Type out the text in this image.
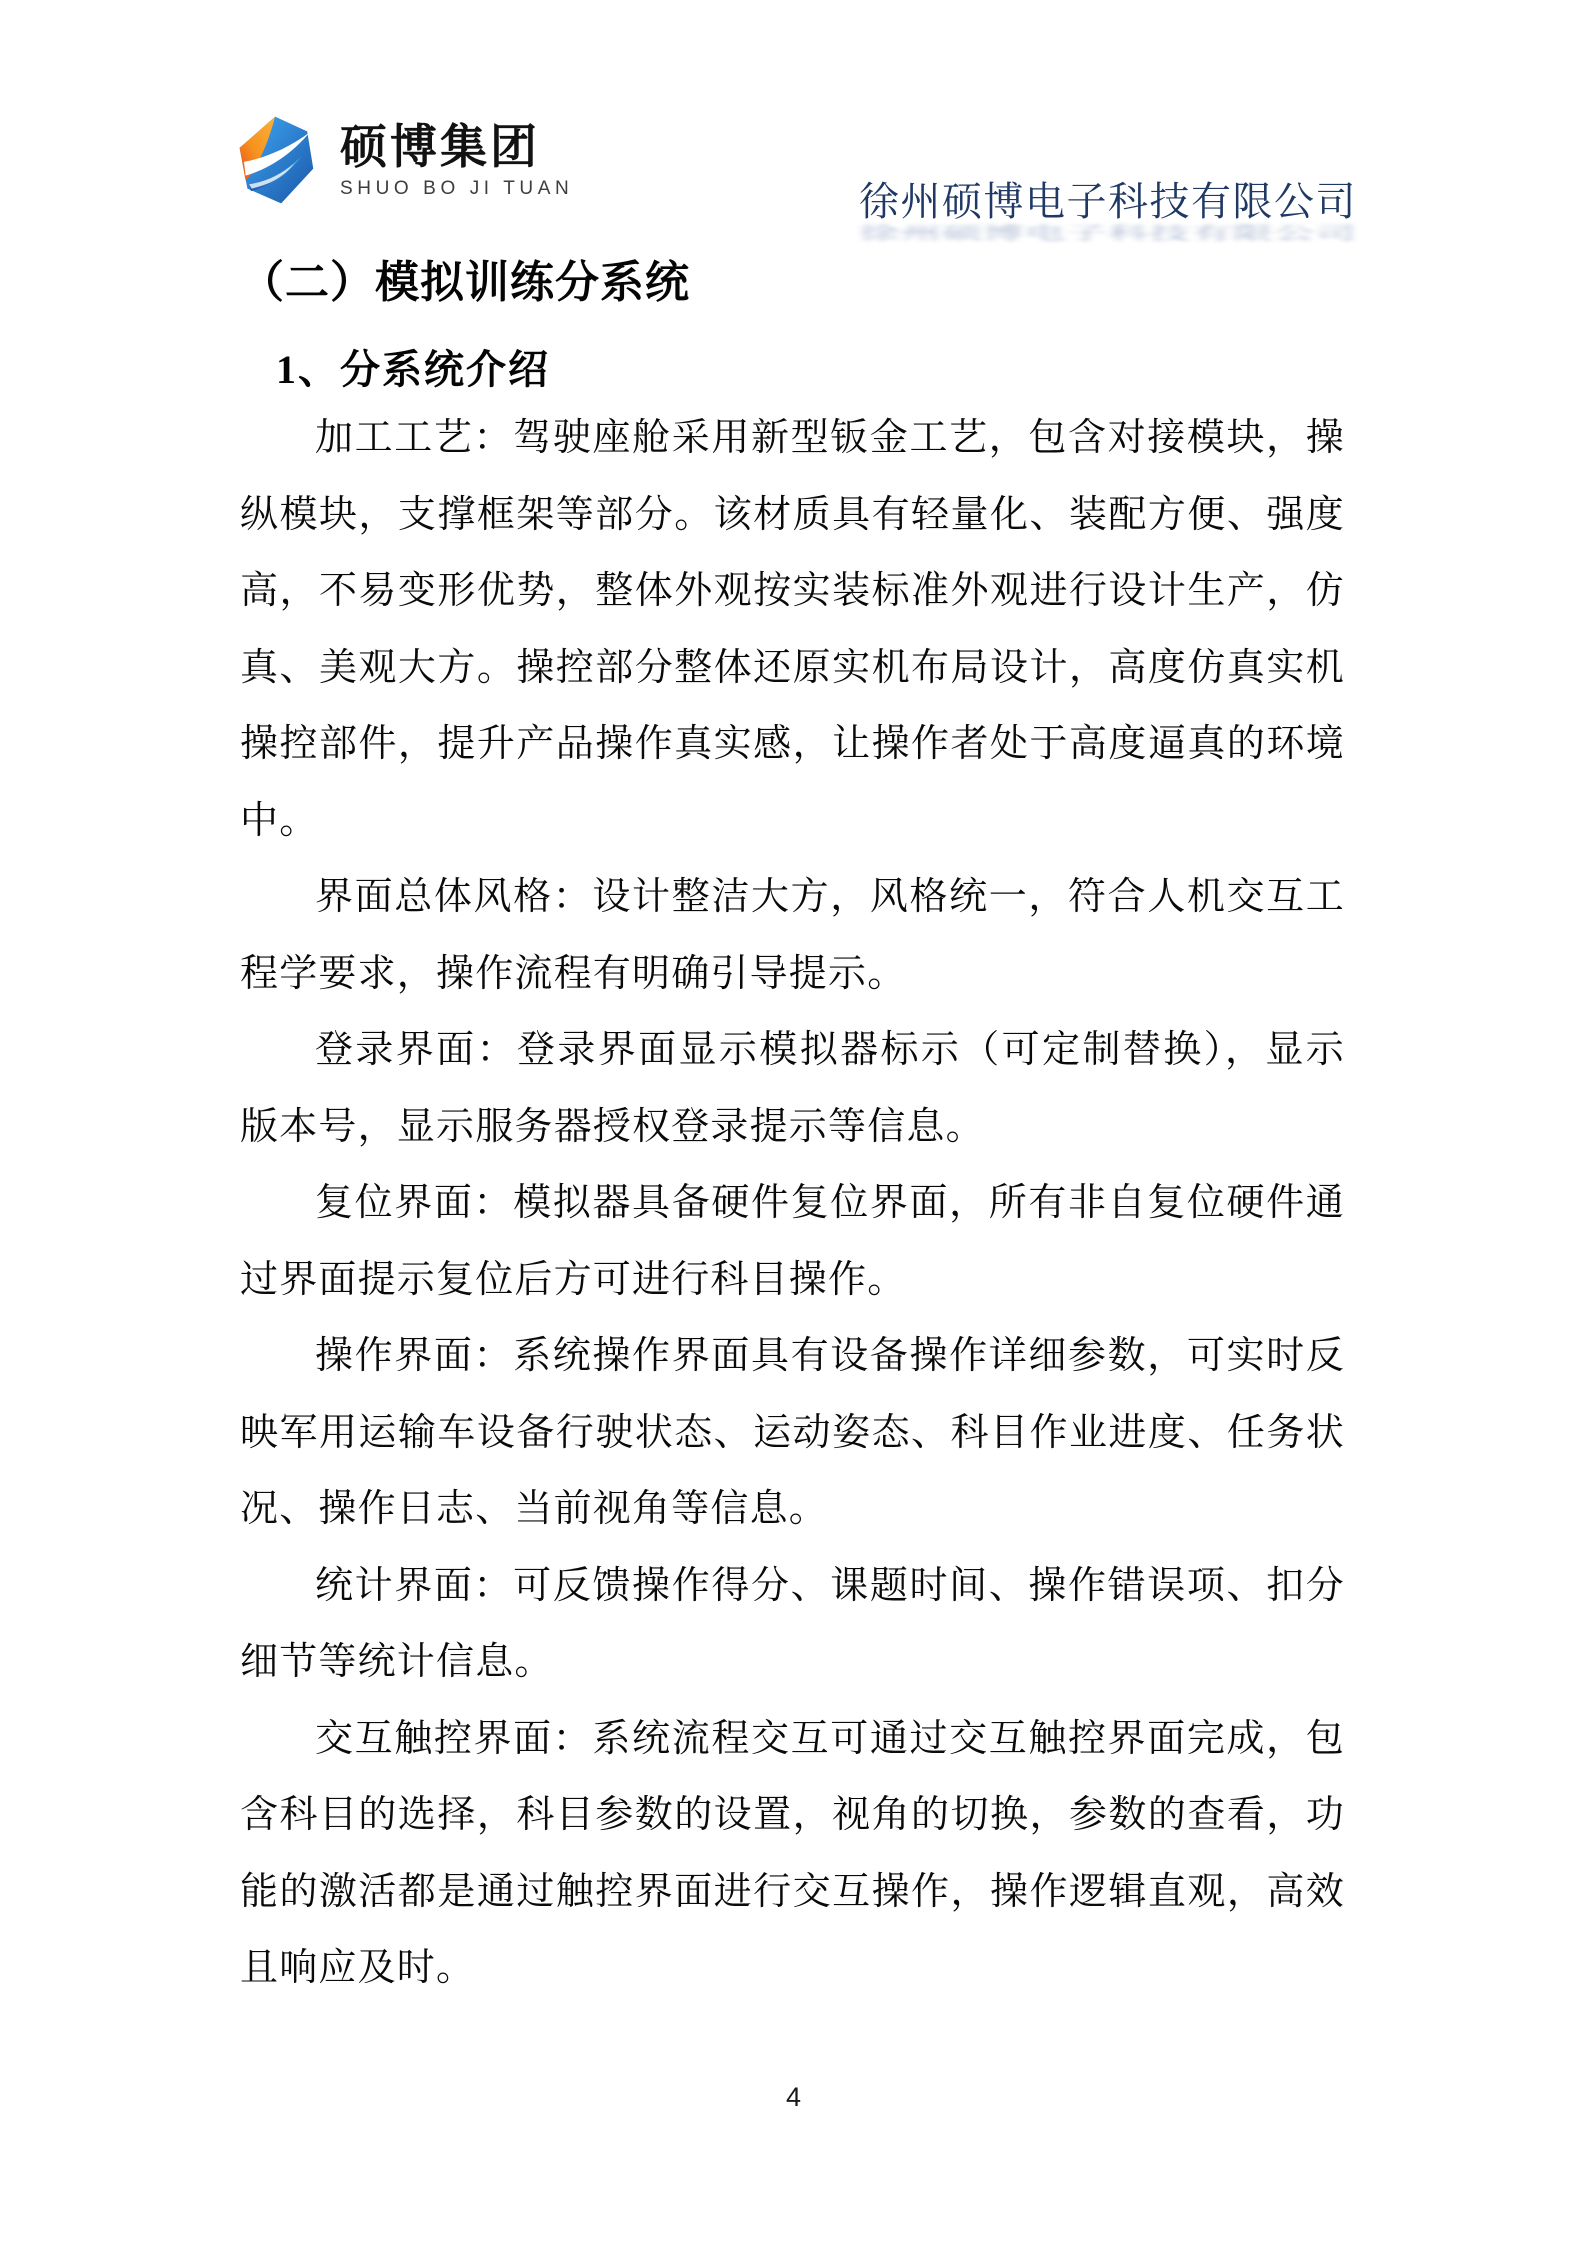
硕博集团
SHUO BO JI TUAN	徐州硕博电子科技有限公司
徐州硕博电子科技有限公司
（二）模拟训练分系统
1、分系统介绍

加工工艺：驾驶座舱采用新型钣金工艺，包含对接模块，操纵模块，支撑框架等部分。该材质具有轻量化、装配方便、强度高，不易变形优势，整体外观按实装标准外观进行设计生产，仿真、美观大方。操控部分整体还原实机布局设计，高度仿真实机操控部件，提升产品操作真实感，让操作者处于高度逼真的环境中。

界面总体风格：设计整洁大方，风格统一，符合人机交互工程学要求，操作流程有明确引导提示。

登录界面：登录界面显示模拟器标示（可定制替换），显示版本号，显示服务器授权登录提示等信息。

复位界面：模拟器具备硬件复位界面，所有非自复位硬件通过界面提示复位后方可进行科目操作。

操作界面：系统操作界面具有设备操作详细参数，可实时反映军用运输车设备行驶状态、运动姿态、科目作业进度、任务状况、操作日志、当前视角等信息。

统计界面：可反馈操作得分、课题时间、操作错误项、扣分细节等统计信息。

交互触控界面：系统流程交互可通过交互触控界面完成，包含科目的选择，科目参数的设置，视角的切换，参数的查看，功能的激活都是通过触控界面进行交互操作，操作逻辑直观，高效且响应及时。

4
